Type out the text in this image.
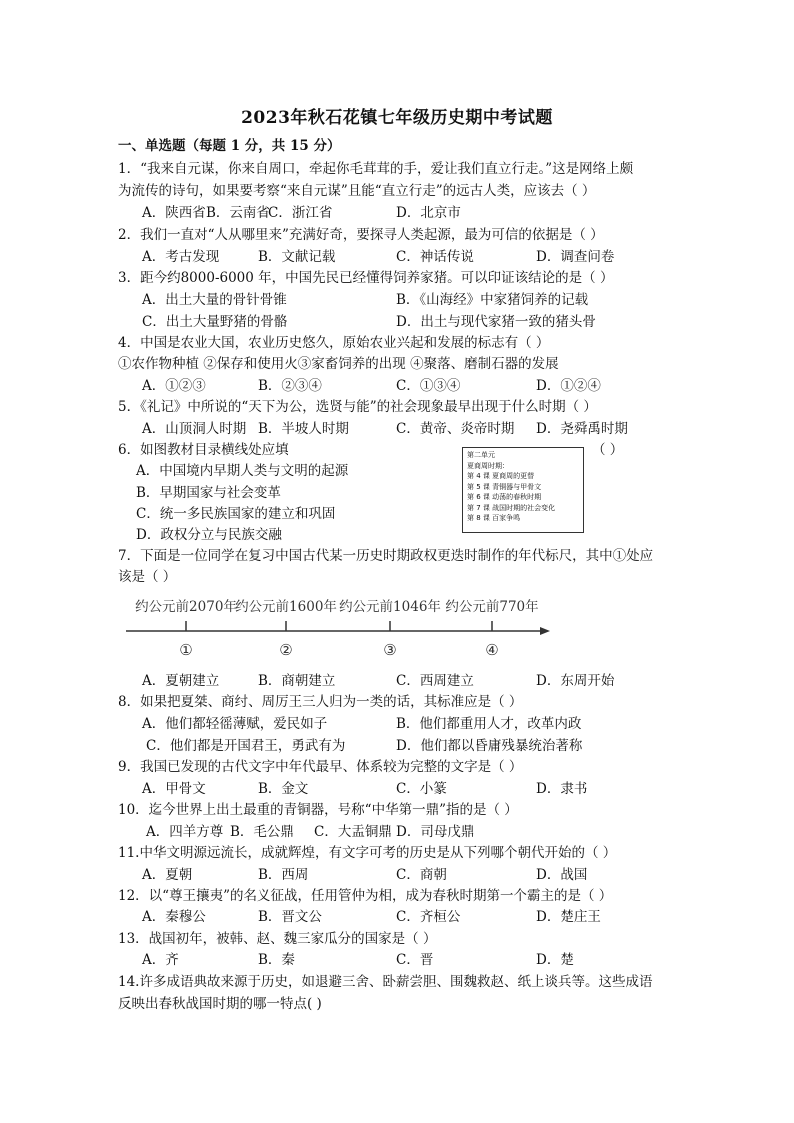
2023年秋石花镇七年级历史期中考试题
一、单选题（每题 1 分，共 15 分）
1．“我来自元谋，你来自周口，牵起你毛茸茸的手，爱让我们直立行走。”这是网络上颇
为流传的诗句，如果要考察“来自元谋”且能“直立行走”的远古人类，应该去（ ）
A．陕西省 B．云南省
C．浙江省	D．北京市
2．我们一直对“人从哪里来”充满好奇，要探寻人类起源，最为可信的依据是（ ）
A．考古发现	B．文献记载	C．神话传说	D．调查问卷
3．距今约8000-6000 年，中国先民已经懂得饲养家猪。可以印证该结论的是（ ）
A．出土大量的骨针骨锥	B．《山海经》中家猪饲养的记载
C．出土大量野猪的骨骼	D．出土与现代家猪一致的猪头骨
4．中国是农业大国，农业历史悠久，原始农业兴起和发展的标志有（ ）
①农作物种植 ②保存和使用火③家畜饲养的出现 ④聚落、磨制石器的发展
A．①②③	B．②③④	C．①③④	D．①②④
5．《礼记》中所说的“天下为公，选贤与能”的社会现象最早出现于什么时期（ ）
A．山顶洞人时期 B．半坡人时期	C．黄帝、炎帝时期 D．尧舜禹时期
6．如图教材目录横线处应填	（ ）
A．中国境内早期人类与文明的起源
B．早期国家与社会变革
C．统一多民族国家的建立和巩固
D．政权分立与民族交融
第二单元
夏商周时期：
第 4 课 夏商周的更替
第 5 课 青铜器与甲骨文
第 6 课 动荡的春秋时期
第 7 课 战国时期的社会变化
第 8 课 百家争鸣
7．下面是一位同学在复习中国古代某一历史时期政权更迭时制作的年代标尺，其中①处应
该是（ ）
约公元前2070年
约公元前1600年 约公元前1046年 约公元前770年
①	②	③	④
A．夏朝建立	B．商朝建立	C．西周建立	D．东周开始
8．如果把夏桀、商纣、周厉王三人归为一类的话，其标准应是（ ）
A．他们都轻徭薄赋，爱民如子	B．他们都重用人才，改革内政
C．他们都是开国君王，勇武有为	D．他们都以昏庸残暴统治著称
9．我国已发现的古代文字中年代最早、体系较为完整的文字是（ ）
A．甲骨文	B．金文	C．小篆	D．隶书
10．迄今世界上出土最重的青铜器，号称“中华第一鼎”指的是（ ）
A．四羊方尊 B．毛公鼎 C．大盂铜鼎 D．司母戊鼎
11.中华文明源远流长，成就辉煌，有文字可考的历史是从下列哪个朝代开始的（ ）
A．夏朝	B．西周	C．商朝	D．战国
12．以“尊王攘夷”的名义征战，任用管仲为相，成为春秋时期第一个霸主的是（ ）
A．秦穆公	B．晋文公	C．齐桓公	D．楚庄王
13．战国初年，被韩、赵、魏三家瓜分的国家是（ ）
A．齐	B．秦	C．晋	D．楚
14.许多成语典故来源于历史，如退避三舍、卧薪尝胆、围魏救赵、纸上谈兵等。这些成语
反映出春秋战国时期的哪一特点( )
